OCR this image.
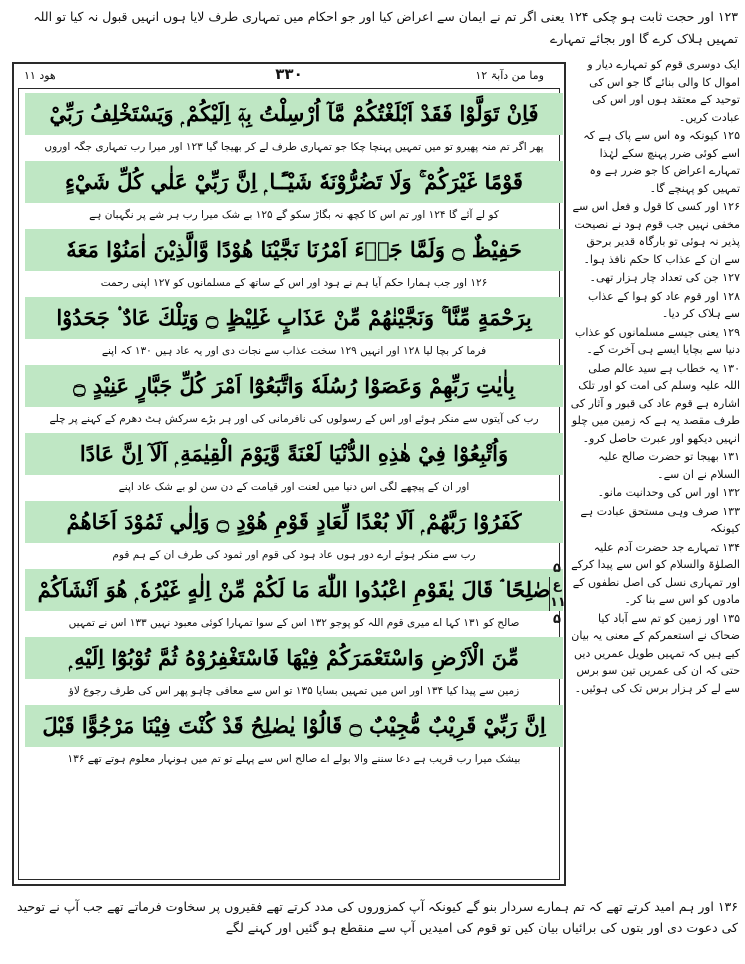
۱۲۳ اور حجت ثابت ہو چکی ۱۲۴ یعنی اگر تم نے ایمان سے اعراض کیا اور جو احکام میں تمہاری طرف لایا ہوں انہیں قبول نہ کیا تو اللہ تمہیں ہلاک کرے گا اور بجائے تمہارے
ھود ۱۱	۳۳۰	وما من دآبۃ ۱۲
فَاِنْ تَوَلَّوْا فَقَدْ اَبْلَغْتُكُمْ مَّآ اُرْسِلْتُ بِهٖٓ اِلَيْكُمْ ۭ وَيَسْتَخْلِفُ رَبِّيْ
پھر اگر تم منہ پھیرو تو میں تمہیں پہنچا چکا جو تمہاری طرف لے کر بھیجا گیا ۱۲۳ اور میرا رب تمہاری جگہ اوروں
قَوْمًا غَيْرَكُمْ ۚ وَلَا تَضُرُّوْنَهٗ شَيْـًٔـا ۭ اِنَّ رَبِّيْ عَلٰي كُلِّ شَيْءٍ
کو لے آئے گا ۱۲۴ اور تم اس کا کچھ نہ بگاڑ سکو گے ۱۲۵ بے شک میرا رب ہر شے پر نگہبان ہے
حَفِيْظٌ ۝ وَلَمَّا جَاۗءَ اَمْرُنَا نَجَّيْنَا هُوْدًا وَّالَّذِيْنَ اٰمَنُوْا مَعَهٗ
۱۲۶ اور جب ہمارا حکم آیا ہم نے ہود اور اس کے ساتھ کے مسلمانوں کو ۱۲۷ اپنی رحمت
بِرَحْمَةٍ مِّنَّا ۚ وَنَجَّيْنٰهُمْ مِّنْ عَذَابٍ غَلِيْظٍ ۝ وَتِلْكَ عَادٌ ۟ جَحَدُوْا
فرما کر بچا لیا ۱۲۸ اور انہیں ۱۲۹ سخت عذاب سے نجات دی اور یہ عاد ہیں ۱۳۰ کہ اپنے
بِاٰيٰتِ رَبِّهِمْ وَعَصَوْا رُسُلَهٗ وَاتَّبَعُوْٓا اَمْرَ كُلِّ جَبَّارٍ عَنِيْدٍ ۝
رب کی آیتوں سے منکر ہوئے اور اس کے رسولوں کی نافرمانی کی اور ہر بڑے سرکش ہٹ دھرم کے کہنے پر چلے
وَاُتْبِعُوْا فِيْ هٰذِهِ الدُّنْيَا لَعْنَةً وَّيَوْمَ الْقِيٰمَةِ ۭ اَلَآ اِنَّ عَادًا
اور ان کے پیچھے لگی اس دنیا میں لعنت اور قیامت کے دن سن لو بے شک عاد اپنے
كَفَرُوْا رَبَّهُمْ ۭ اَلَا بُعْدًا لِّعَادٍ قَوْمِ هُوْدٍ ۝ وَاِلٰي ثَمُوْدَ اَخَاهُمْ
رب سے منکر ہوئے ارے دور ہوں عاد ہود کی قوم اور ثمود کی طرف ان کے ہم قوم
صٰلِحًا ۘ قَالَ يٰقَوْمِ اعْبُدُوا اللّٰهَ مَا لَكُمْ مِّنْ اِلٰهٍ غَيْرُهٗ ۭ هُوَ اَنْشَاَكُمْ
صالح کو ۱۳۱ کہا اے میری قوم اللہ کو پوجو ۱۳۲ اس کے سوا تمہارا کوئی معبود نہیں ۱۳۳ اس نے تمہیں
مِّنَ الْاَرْضِ وَاسْتَعْمَرَكُمْ فِيْهَا فَاسْتَغْفِرُوْهُ ثُمَّ تُوْبُوْٓا اِلَيْهِ ۭ
زمین سے پیدا کیا ۱۳۴ اور اس میں تمہیں بسایا ۱۳۵ تو اس سے معافی چاہو پھر اس کی طرف رجوع لاؤ
اِنَّ رَبِّيْ قَرِيْبٌ مُّجِيْبٌ ۝ قَالُوْا يٰصٰلِحُ قَدْ كُنْتَ فِيْنَا مَرْجُوًّا قَبْلَ
بیشک میرا رب قریب ہے دعا سننے والا بولے اے صالح اس سے پہلے تو تم میں ہونہار معلوم ہوتے تھے ۱۳۶
۵
ع
۱۱
۵

ایک دوسری قوم کو تمہارے دیار و اموال کا والی بنائے گا جو اس کی توحید کے معتقد ہوں اور اس کی عبادت کریں۔

۱۲۵ کیونکہ وہ اس سے پاک ہے کہ اسے کوئی ضرر پہنچ سکے لہٰذا تمہارے اعراض کا جو ضرر ہے وہ تمہیں کو پہنچے گا۔

۱۲۶ اور کسی کا قول و فعل اس سے مخفی نہیں جب قوم ہود نے نصیحت پذیر نہ ہوئی تو بارگاہ قدیر برحق سے ان کے عذاب کا حکم نافذ ہوا۔

۱۲۷ جن کی تعداد چار ہزار تھی۔

۱۲۸ اور قوم عاد کو ہوا کے عذاب سے ہلاک کر دیا۔

۱۲۹ یعنی جیسے مسلمانوں کو عذاب دنیا سے بچایا ایسے ہی آخرت کے۔

۱۳۰ یہ خطاب ہے سید عالم صلی اللہ علیہ وسلم کی امت کو اور تلک اشارہ ہے قوم عاد کی قبور و آثار کی طرف مقصد یہ ہے کہ زمین میں چلو انہیں دیکھو اور عبرت حاصل کرو۔

۱۳۱ بھیجا تو حضرت صالح علیہ السلام نے ان سے۔

۱۳۲ اور اس کی وحدانیت مانو۔

۱۳۳ صرف وہی مستحق عبادت ہے کیونکہ

۱۳۴ تمہارے جد حضرت آدم علیہ الصلوٰۃ والسلام کو اس سے پیدا کرکے اور تمہاری نسل کی اصل نطفوں کے مادوں کو اس سے بنا کر۔

۱۳۵ اور زمین کو تم سے آباد کیا ضحاک نے استعمرکم کے معنی یہ بیان کیے ہیں کہ تمہیں طویل عمریں دیں حتی کہ ان کی عمریں تین سو برس سے لے کر ہزار برس تک کی ہوئیں۔

۱۳۶ اور ہم امید کرتے تھے کہ تم ہمارے سردار بنو گے کیونکہ آپ کمزوروں کی مدد کرتے تھے فقیروں پر سخاوت فرماتے تھے جب آپ نے توحید کی دعوت دی اور بتوں کی برائیاں بیان کیں تو قوم کی امیدیں آپ سے منقطع ہو گئیں اور کہنے لگے
